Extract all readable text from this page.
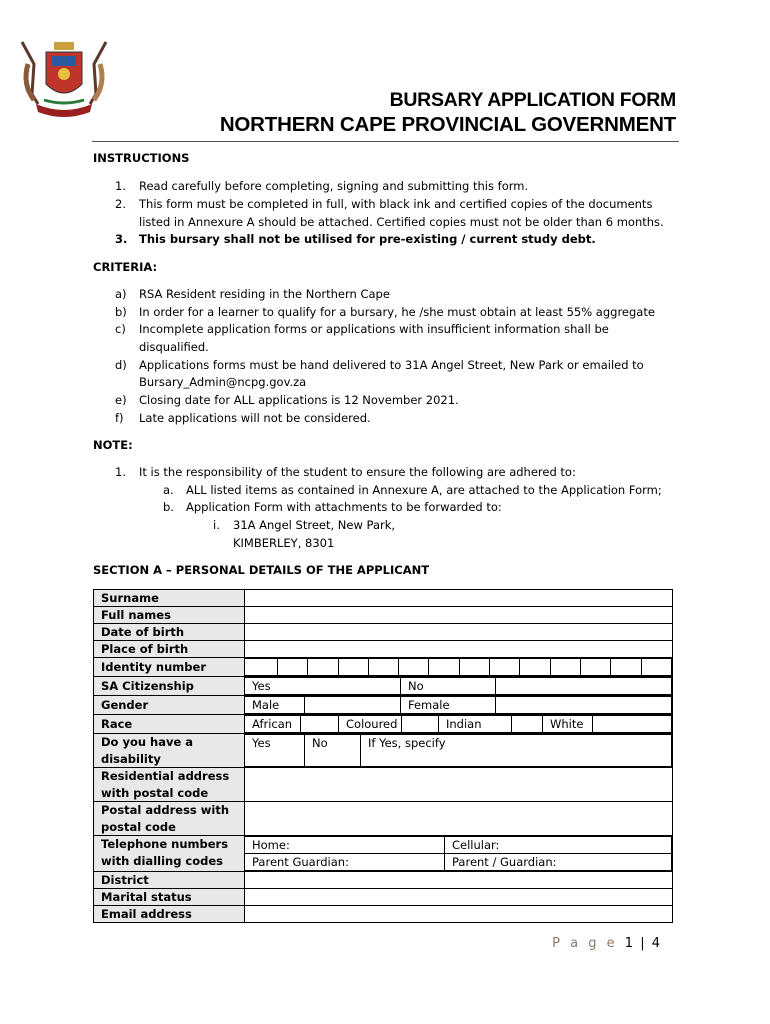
BURSARY APPLICATION FORM
NORTHERN CAPE PROVINCIAL GOVERNMENT
INSTRUCTIONS
1. Read carefully before completing, signing and submitting this form.
2. This form must be completed in full, with black ink and certified copies of the documents
listed in Annexure A should be attached. Certified copies must not be older than 6 months.
3. This bursary shall not be utilised for pre-existing / current study debt.
CRITERIA:
a) RSA Resident residing in the Northern Cape
b) In order for a learner to qualify for a bursary, he /she must obtain at least 55% aggregate
c) Incomplete application forms or applications with insufficient information shall be
disqualified.
d) Applications forms must be hand delivered to 31A Angel Street, New Park or emailed to
Bursary_Admin@ncpg.gov.za
e) Closing date for ALL applications is 12 November 2021.
f) Late applications will not be considered.
NOTE:
1. It is the responsibility of the student to ensure the following are adhered to:
a. ALL listed items as contained in Annexure A, are attached to the Application Form;
b. Application Form with attachments to be forwarded to:
i. 31A Angel Street, New Park,
KIMBERLEY, 8301
SECTION A – PERSONAL DETAILS OF THE APPLICANT
Surname	
Full names	
Date of birth	
Place of birth	
Identity number	

SA Citizenship		Yes	No	

Gender		Male		Female	

Race		African		Coloured		Indian		White	

Do you have a disability	
Yes	No	If Yes, specify

Residential address with postal code	
Postal address with postal code	
Telephone numbers with dialling codes	
Home:	Cellular:
Parent Guardian:	Parent / Guardian:

District	
Marital status	
Email address	
P a g e 1 | 4
